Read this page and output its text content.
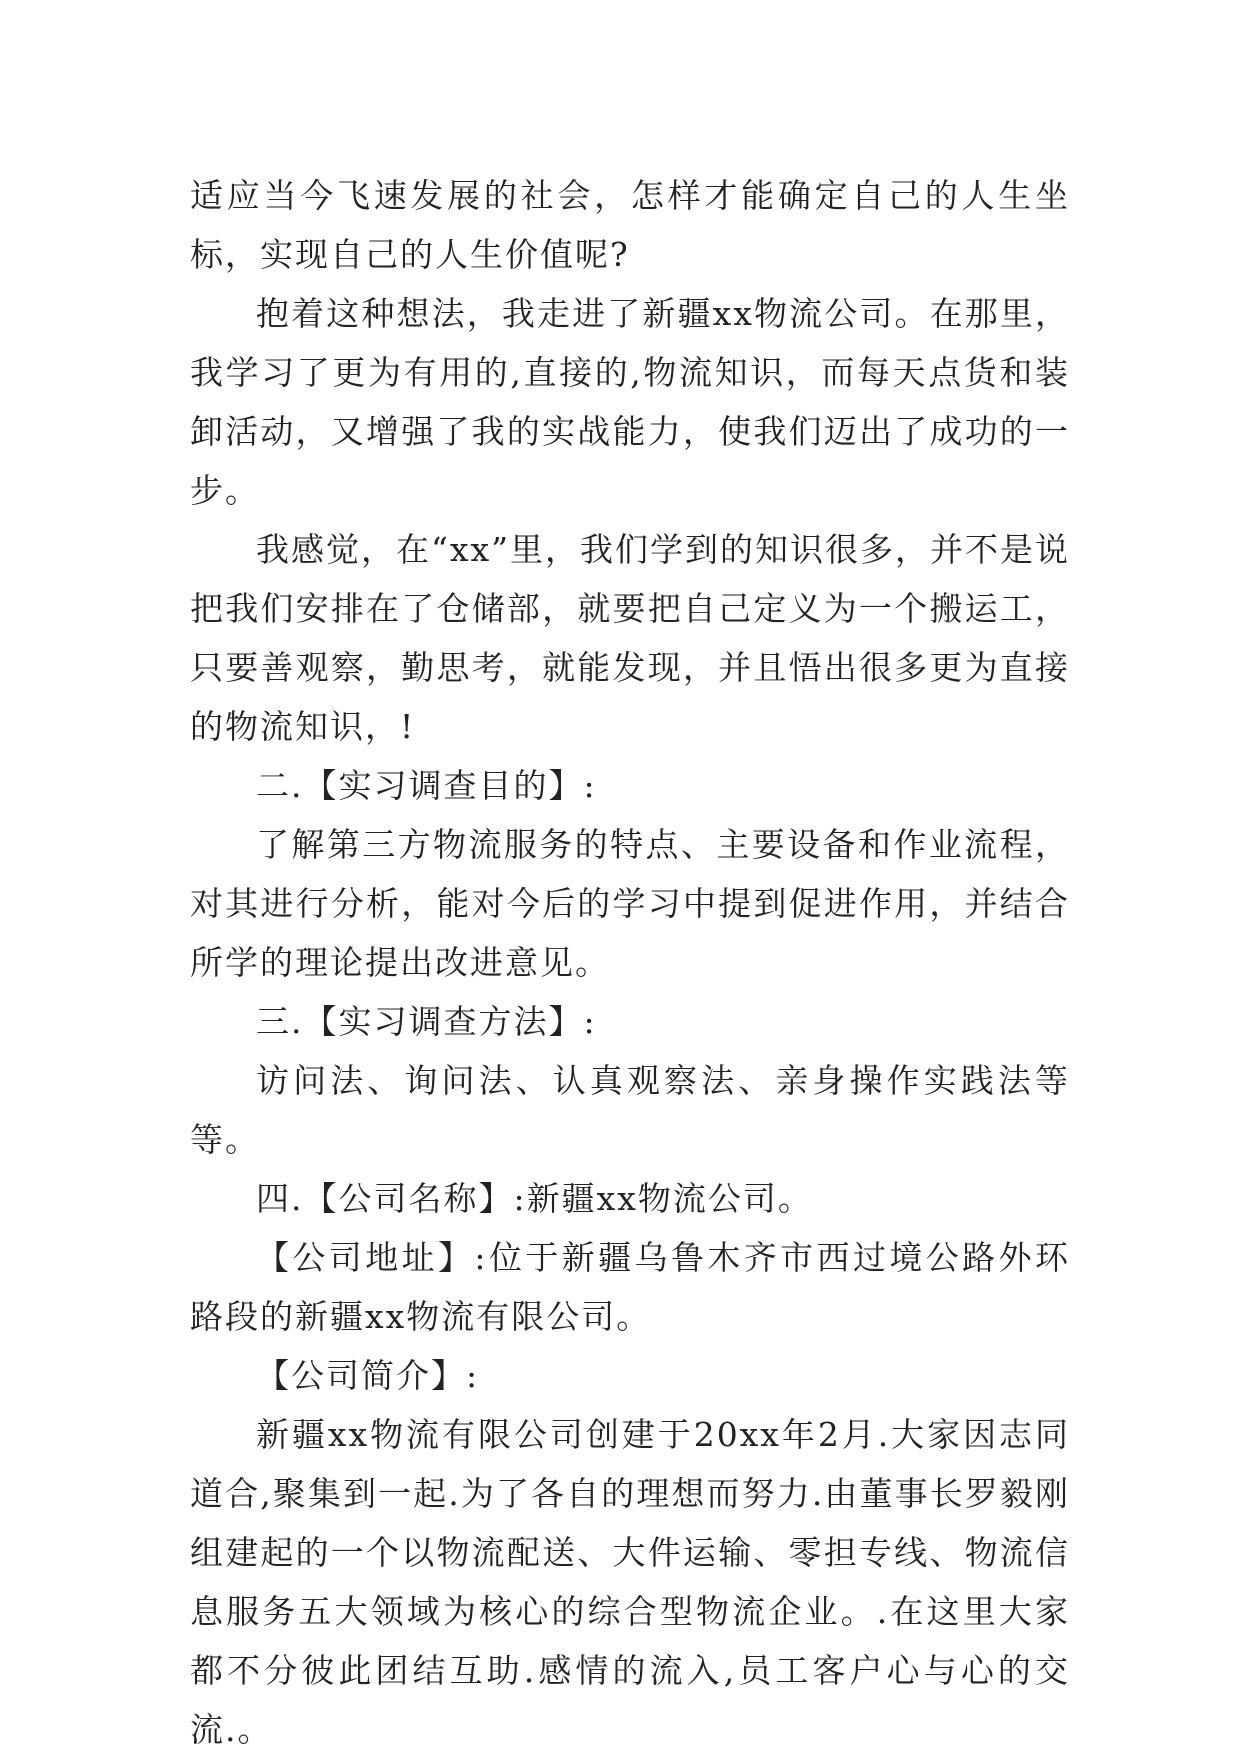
适应当今飞速发展的社会，怎样才能确定自己的人生坐标，实现自己的人生价值呢?

抱着这种想法，我走进了新疆xx物流公司。在那里，我学习了更为有用的,直接的,物流知识，而每天点货和装卸活动，又增强了我的实战能力，使我们迈出了成功的一步。

我感觉，在“xx”里，我们学到的知识很多，并不是说把我们安排在了仓储部，就要把自己定义为一个搬运工，只要善观察，勤思考，就能发现，并且悟出很多更为直接的物流知识，!

二.【实习调查目的】:

了解第三方物流服务的特点、主要设备和作业流程，对其进行分析，能对今后的学习中提到促进作用，并结合所学的理论提出改进意见。

三.【实习调查方法】:

访问法、询问法、认真观察法、亲身操作实践法等等。

四.【公司名称】:新疆xx物流公司。

【公司地址】:位于新疆乌鲁木齐市西过境公路外环路段的新疆xx物流有限公司。

【公司简介】:

新疆xx物流有限公司创建于20xx年2月.大家因志同道合,聚集到一起.为了各自的理想而努力.由董事长罗毅刚组建起的一个以物流配送、大件运输、零担专线、物流信息服务五大领域为核心的综合型物流企业。.在这里大家都不分彼此团结互助.感情的流入,员工客户心与心的交流.。
